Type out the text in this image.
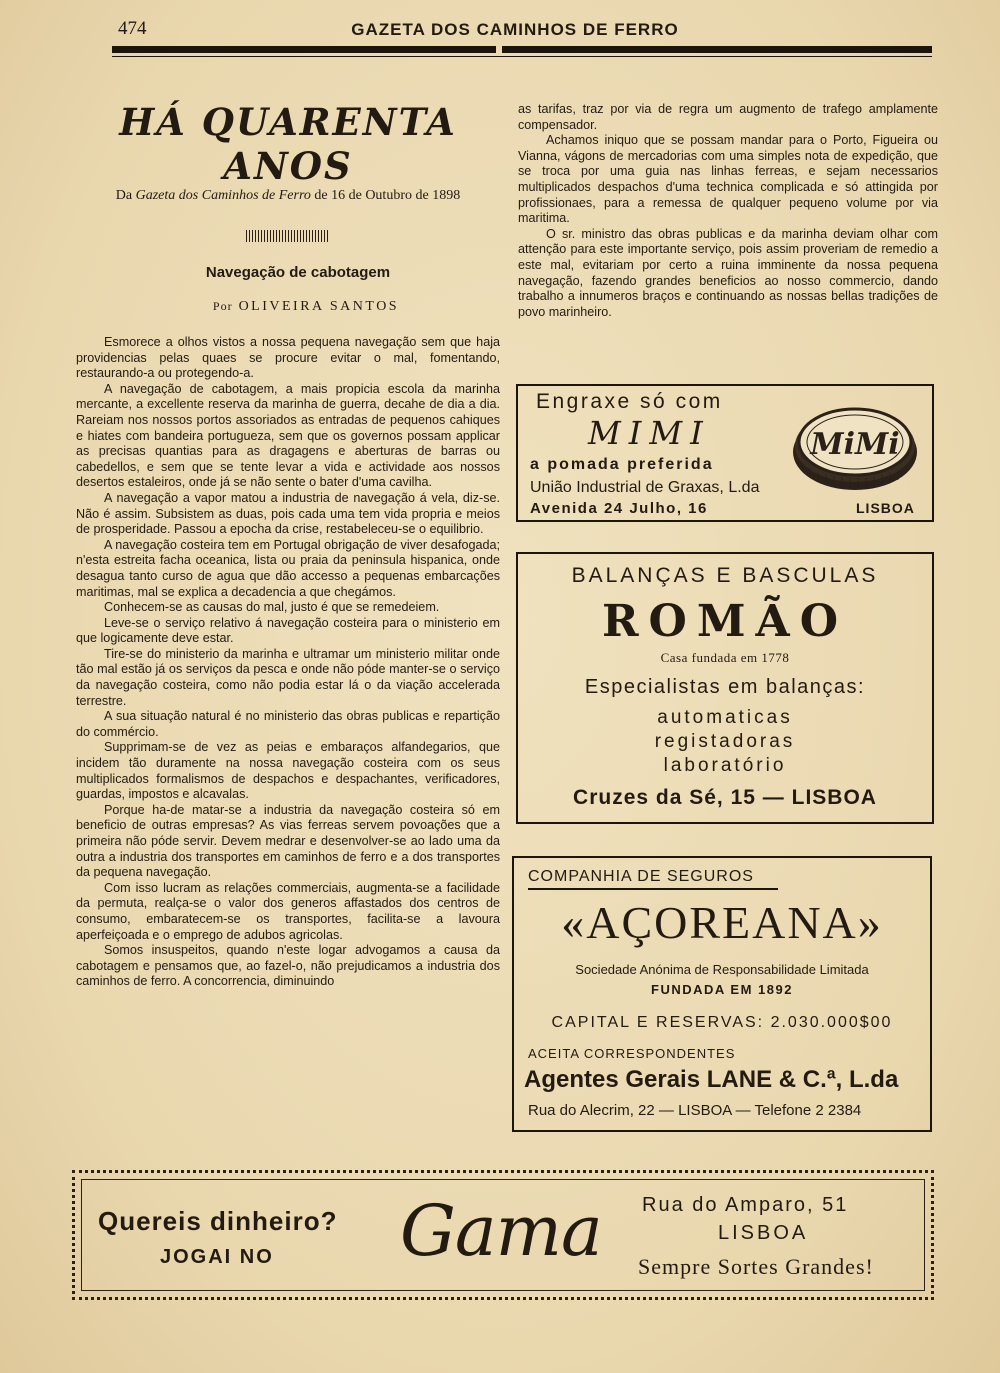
474	GAZETA DOS CAMINHOS DE FERRO
HÁ QUARENTA ANOS
Da Gazeta dos Caminhos de Ferro de 16 de Outubro de 1898
Navegação de cabotagem
Por OLIVEIRA SANTOS

Esmorece a olhos vistos a nossa pequena navegação sem que haja providencias pelas quaes se procure evitar o mal, fomentando, restaurando-a ou protegendo-a.

A navegação de cabotagem, a mais propicia escola da marinha mercante, a excellente reserva da marinha de guerra, decahe de dia a dia. Rareiam nos nossos portos assoriados as entradas de pequenos cahiques e hiates com bandeira portugueza, sem que os governos possam applicar as precisas quantias para as dragagens e aberturas de barras ou cabedellos, e sem que se tente levar a vida e actividade aos nossos desertos estaleiros, onde já se não sente o bater d'uma cavilha.

A navegação a vapor matou a industria de navegação á vela, diz-se. Não é assim. Subsistem as duas, pois cada uma tem vida propria e meios de prosperidade. Passou a epocha da crise, restabeleceu-se o equilibrio.

A navegação costeira tem em Portugal obrigação de viver desafogada; n'esta estreita facha oceanica, lista ou praia da peninsula hispanica, onde desagua tanto curso de agua que dão accesso a pequenas embarcações maritimas, mal se explica a decadencia a que chegámos.

Conhecem-se as causas do mal, justo é que se remedeiem.

Leve-se o serviço relativo á navegação costeira para o ministerio em que logicamente deve estar.

Tire-se do ministerio da marinha e ultramar um ministerio militar onde tão mal estão já os serviços da pesca e onde não póde manter-se o serviço da navegação costeira, como não podia estar lá o da viação accelerada terrestre.

A sua situação natural é no ministerio das obras publicas e repartição do commércio.

Supprimam-se de vez as peias e embaraços alfandegarios, que incidem tão duramente na nossa navegação costeira com os seus multiplicados formalismos de despachos e despachantes, verificadores, guardas, impostos e alcavalas.

Porque ha-de matar-se a industria da navegação costeira só em beneficio de outras empresas? As vias ferreas servem povoações que a primeira não póde servir. Devem medrar e desenvolver-se ao lado uma da outra a industria dos transportes em caminhos de ferro e a dos transportes da pequena navegação.

Com isso lucram as relações commerciais, augmenta-se a facilidade da permuta, realça-se o valor dos generos affastados dos centros de consumo, embaratecem-se os transportes, facilita-se a lavoura aperfeiçoada e o emprego de adubos agricolas.

Somos insuspeitos, quando n'este logar advogamos a causa da cabotagem e pensamos que, ao fazel-o, não prejudicamos a industria dos caminhos de ferro. A concorrencia, diminuindo

as tarifas, traz por via de regra um augmento de trafego amplamente compensador.

Achamos iniquo que se possam mandar para o Porto, Figueira ou Vianna, vágons de mercadorias com uma simples nota de expedição, que se troca por uma guia nas linhas ferreas, e sejam necessarios multiplicados despachos d'uma technica complicada e só attingida por profissionaes, para a remessa de qualquer pequeno volume por via maritima.

O sr. ministro das obras publicas e da marinha deviam olhar com attenção para este importante serviço, pois assim proveriam de remedio a este mal, evitariam por certo a ruina imminente da nossa pequena navegação, fazendo grandes beneficios ao nosso commercio, dando trabalho a innumeros braços e continuando as nossas bellas tradições de povo marinheiro.

Engraxe só com
MIMI
a pomada preferida
União Industrial de Graxas, L.da
Avenida 24 Julho, 16	LISBOA
MiMi
BALANÇAS E BASCULAS
ROMÃO
Casa fundada em 1778
Especialistas em balanças:
automaticas
registadoras
laboratório
Cruzes da Sé, 15 — LISBOA
COMPANHIA DE SEGUROS
«AÇOREANA»
Sociedade Anónima de Responsabilidade Limitada
FUNDADA EM 1892
CAPITAL E RESERVAS: 2.030.000$00
ACEITA CORRESPONDENTES
Agentes Gerais LANE & C.ª, L.da
Rua do Alecrim, 22 — LISBOA — Telefone 2 2384
Quereis dinheiro?
JOGAI NO Gama Rua do Amparo, 51
LISBOA
Sempre Sortes Grandes!
